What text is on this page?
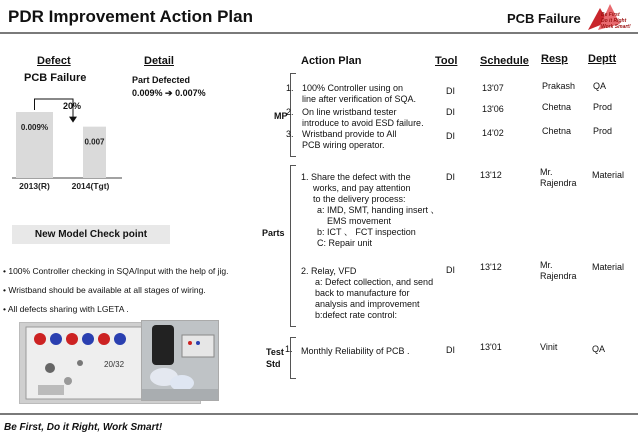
PDR Improvement Action Plan	PCB Failure	Be First
Do it Right
Work Smart!
Defect	Detail	Action Plan	Tool Schedule Resp Deptt
PCB Failure	Part Defected
0.009% ➔ 0.007%
0.009%
2013(R)
0.007
2014(Tgt)
20%
New Model Check point
• 100% Controller checking in SQA/Input with the help of jig.
• Wristband should be available at all stages of wiring.
• All defects sharing with LGETA .
20/32
MP
Parts
Test
Std
1. 100% Controller using on
line after verification of SQA.
DI	13'07	Prakash QA
2. On line wristband tester
introduce to avoid ESD failure.
DI	13'06	Chetna Prod
3. Wristband provide to All
PCB wiring operator.
DI	14'02	Chetna Prod
1. Share the defect with the
works, and pay attention
to the delivery process:
a: IMD, SMT, handing insert 、
EMS movement
b: ICT 、 FCT inspection
C: Repair unit
DI	13'12	Mr.
Rajendra
Material
2. Relay, VFD
a: Defect collection, and send
back to manufacture for
analysis and improvement
b:defect rate control:
DI	13'12	Mr.
Rajendra
Material
1. Monthly Reliability of PCB .	DI	13'01	Vinit	QA
Be First, Do it Right, Work Smart!
